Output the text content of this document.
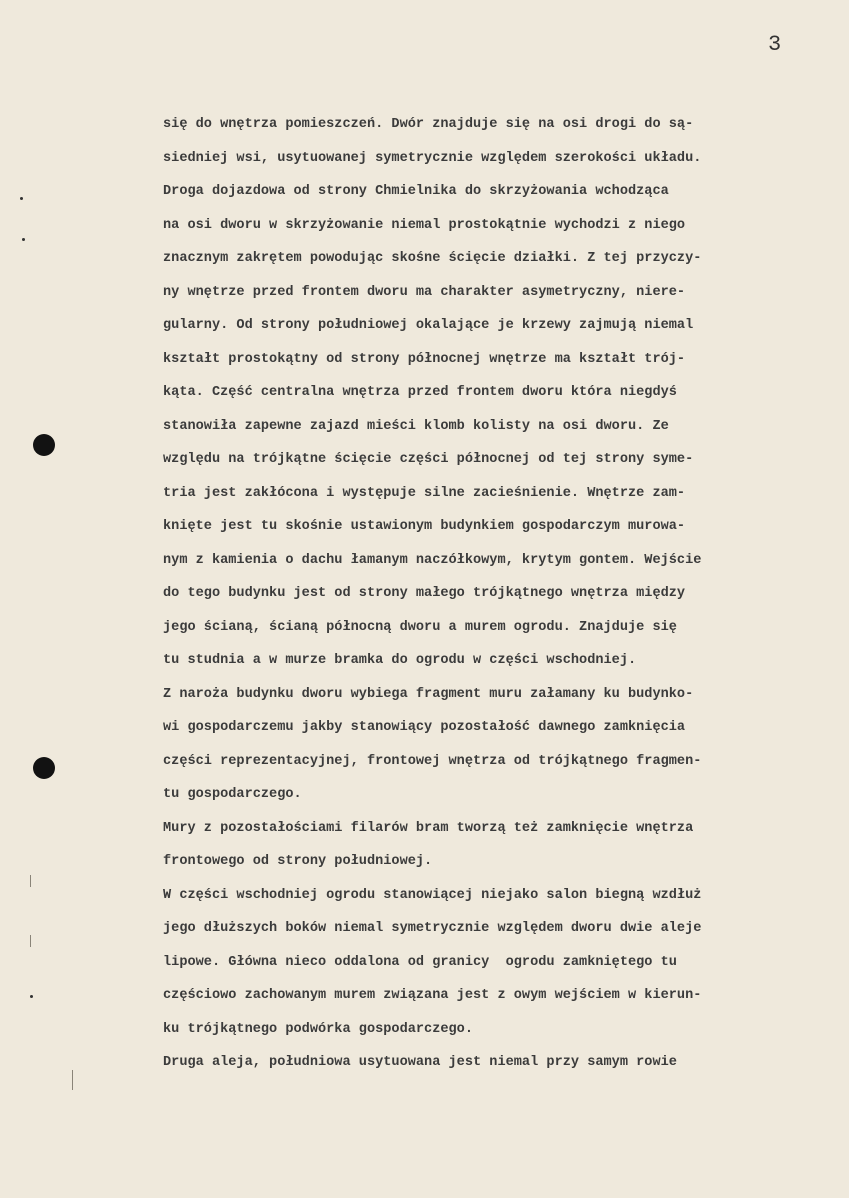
3
się do wnętrza pomieszczeń. Dwór znajduje się na osi drogi do są-
siedniej wsi, usytuowanej symetrycznie względem szerokości układu.
Droga dojazdowa od strony Chmielnika do skrzyżowania wchodząca
na osi dworu w skrzyżowanie niemal prostokątnie wychodzi z niego
znacznym zakrętem powodując skośne ścięcie działki. Z tej przyczy-
ny wnętrze przed frontem dworu ma charakter asymetryczny, niere-
gularny. Od strony południowej okalające je krzewy zajmują niemal
kształt prostokątny od strony północnej wnętrze ma kształt trój-
kąta. Część centralna wnętrza przed frontem dworu która niegdyś
stanowiła zapewne zajazd mieści klomb kolisty na osi dworu. Ze
względu na trójkątne ścięcie części północnej od tej strony syme-
tria jest zakłócona i występuje silne zacieśnienie. Wnętrze zam-
knięte jest tu skośnie ustawionym budynkiem gospodarczym murowa-
nym z kamienia o dachu łamanym naczółkowym, krytym gontem. Wejście
do tego budynku jest od strony małego trójkątnego wnętrza między
jego ścianą, ścianą północną dworu a murem ogrodu. Znajduje się
tu studnia a w murze bramka do ogrodu w części wschodniej.
Z naroża budynku dworu wybiega fragment muru załamany ku budynko-
wi gospodarczemu jakby stanowiący pozostałość dawnego zamknięcia
części reprezentacyjnej, frontowej wnętrza od trójkątnego fragmen-
tu gospodarczego.
Mury z pozostałościami filarów bram tworzą też zamknięcie wnętrza
frontowego od strony południowej.
W części wschodniej ogrodu stanowiącej niejako salon biegną wzdłuż
jego dłuższych boków niemal symetrycznie względem dworu dwie aleje
lipowe. Główna nieco oddalona od granicy  ogrodu zamkniętego tu
częściowo zachowanym murem związana jest z owym wejściem w kierun-
ku trójkątnego podwórka gospodarczego.
Druga aleja, południowa usytuowana jest niemal przy samym rowie
